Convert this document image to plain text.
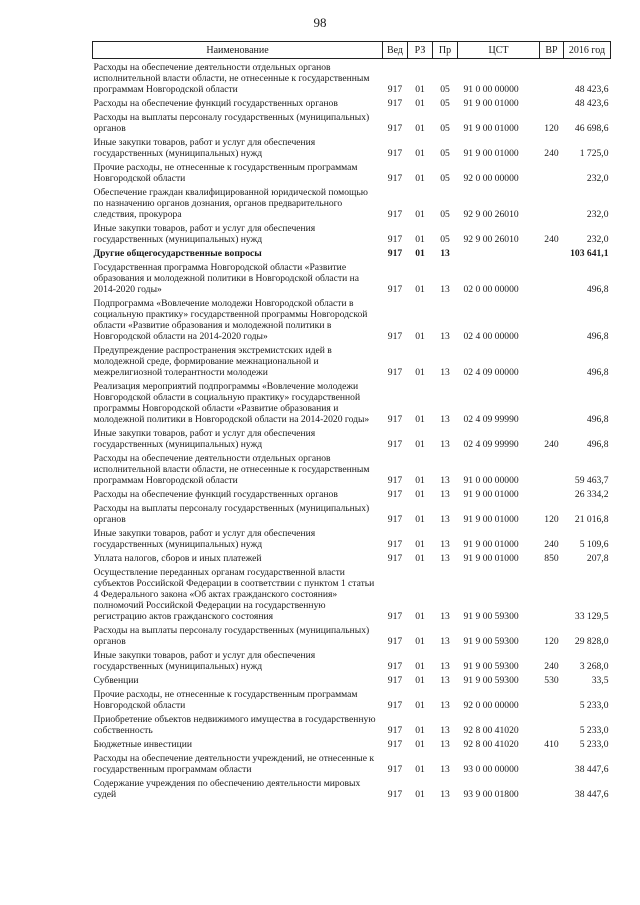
98
Наименование	Вед	РЗ	Пр	ЦСТ	ВР	2016 год
Расходы на обеспечение деятельности отдельных органов исполнительной власти области, не отнесенные к государственным программам Новгородской области	917	01	05	91 0 00 00000		48 423,6
Расходы на обеспечение функций государственных органов	917	01	05	91 9 00 01000		48 423,6
Расходы на выплаты персоналу государственных (муниципальных) органов	917	01	05	91 9 00 01000	120	46 698,6
Иные закупки товаров, работ и услуг для обеспечения государственных (муниципальных) нужд	917	01	05	91 9 00 01000	240	1 725,0
Прочие расходы, не отнесенные к государственным программам Новгородской области	917	01	05	92 0 00 00000		232,0
Обеспечение граждан квалифицированной юридической помощью по назначению органов дознания, органов предварительного следствия, прокурора	917	01	05	92 9 00 26010		232,0
Иные закупки товаров, работ и услуг для обеспечения государственных (муниципальных) нужд	917	01	05	92 9 00 26010	240	232,0
Другие общегосударственные вопросы	917	01	13			103 641,1
Государственная программа Новгородской области «Развитие образования и молодежной политики в Новгородской области на 2014-2020 годы»	917	01	13	02 0 00 00000		496,8
Подпрограмма «Вовлечение молодежи Новгородской области в социальную практику» государственной программы Новгородской области «Развитие образования и молодежной политики в Новгородской области на 2014-2020 годы»	917	01	13	02 4 00 00000		496,8
Предупреждение распространения экстремистских идей в молодежной среде, формирование межнациональной и межрелигиозной толерантности молодежи	917	01	13	02 4 09 00000		496,8
Реализация мероприятий подпрограммы «Вовлечение молодежи Новгородской области в социальную практику» государственной программы Новгородской области «Развитие образования и молодежной политики в Новгородской области на 2014-2020 годы»	917	01	13	02 4 09 99990		496,8
Иные закупки товаров, работ и услуг для обеспечения государственных (муниципальных) нужд	917	01	13	02 4 09 99990	240	496,8
Расходы на обеспечение деятельности отдельных органов исполнительной власти области, не отнесенные к государственным программам Новгородской области	917	01	13	91 0 00 00000		59 463,7
Расходы на обеспечение функций государственных органов	917	01	13	91 9 00 01000		26 334,2
Расходы на выплаты персоналу государственных (муниципальных) органов	917	01	13	91 9 00 01000	120	21 016,8
Иные закупки товаров, работ и услуг для обеспечения государственных (муниципальных) нужд	917	01	13	91 9 00 01000	240	5 109,6
Уплата налогов, сборов и иных платежей	917	01	13	91 9 00 01000	850	207,8
Осуществление переданных органам государственной власти субъектов Российской Федерации в соответствии с пунктом 1 статьи 4 Федерального закона «Об актах гражданского состояния» полномочий Российской Федерации на государственную регистрацию актов гражданского состояния	917	01	13	91 9 00 59300		33 129,5
Расходы на выплаты персоналу государственных (муниципальных) органов	917	01	13	91 9 00 59300	120	29 828,0
Иные закупки товаров, работ и услуг для обеспечения государственных (муниципальных) нужд	917	01	13	91 9 00 59300	240	3 268,0
Субвенции	917	01	13	91 9 00 59300	530	33,5
Прочие расходы, не отнесенные к государственным программам Новгородской области	917	01	13	92 0 00 00000		5 233,0
Приобретение объектов недвижимого имущества в государственную собственность	917	01	13	92 8 00 41020		5 233,0
Бюджетные инвестиции	917	01	13	92 8 00 41020	410	5 233,0
Расходы на обеспечение деятельности учреждений, не отнесенные к государственным программам области	917	01	13	93 0 00 00000		38 447,6
Содержание учреждения по обеспечению деятельности мировых судей	917	01	13	93 9 00 01800		38 447,6
